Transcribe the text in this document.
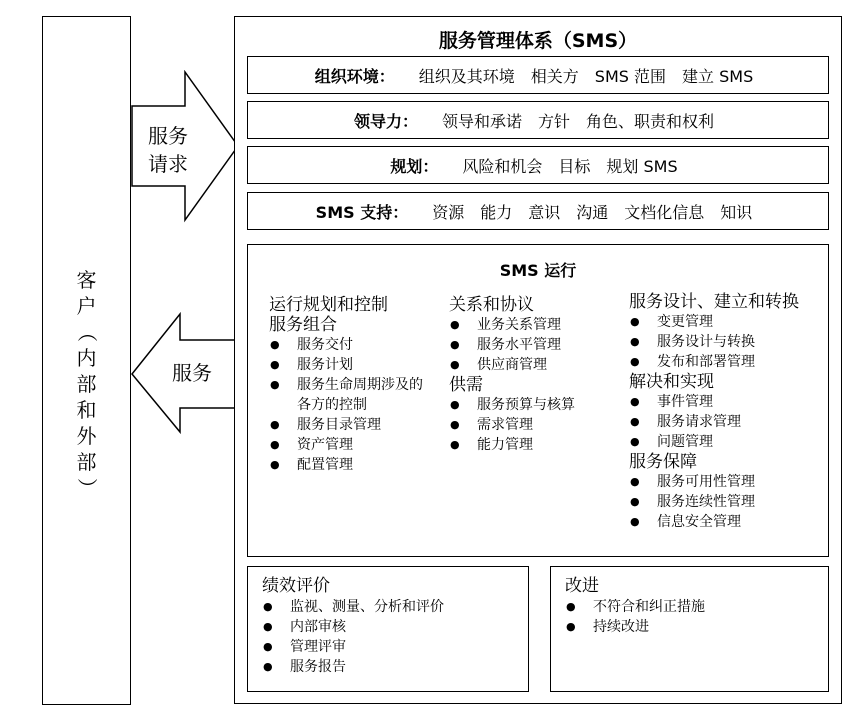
客
户
（
内
部
和
外
部
）
服务
请求
服务
服务管理体系（SMS）
组织环境： 组织及其环境 相关方 SMS 范围 建立 SMS
领导力： 领导和承诺 方针 角色、职责和权利
规划： 风险和机会 目标 规划 SMS
SMS 支持： 资源 能力 意识 沟通 文档化信息 知识
SMS 运行
运行规划和控制
服务组合
● 服务交付
● 服务计划
● 服务生命周期涉及的各方的控制
● 服务目录管理
● 资产管理
● 配置管理
关系和协议
● 业务关系管理
● 服务水平管理
● 供应商管理
供需
● 服务预算与核算
● 需求管理
● 能力管理
服务设计、建立和转换
● 变更管理
● 服务设计与转换
● 发布和部署管理
解决和实现
● 事件管理
● 服务请求管理
● 问题管理
服务保障
● 服务可用性管理
● 服务连续性管理
● 信息安全管理
绩效评价
● 监视、测量、分析和评价
● 内部审核
● 管理评审
● 服务报告
改进
● 不符合和纠正措施
● 持续改进
